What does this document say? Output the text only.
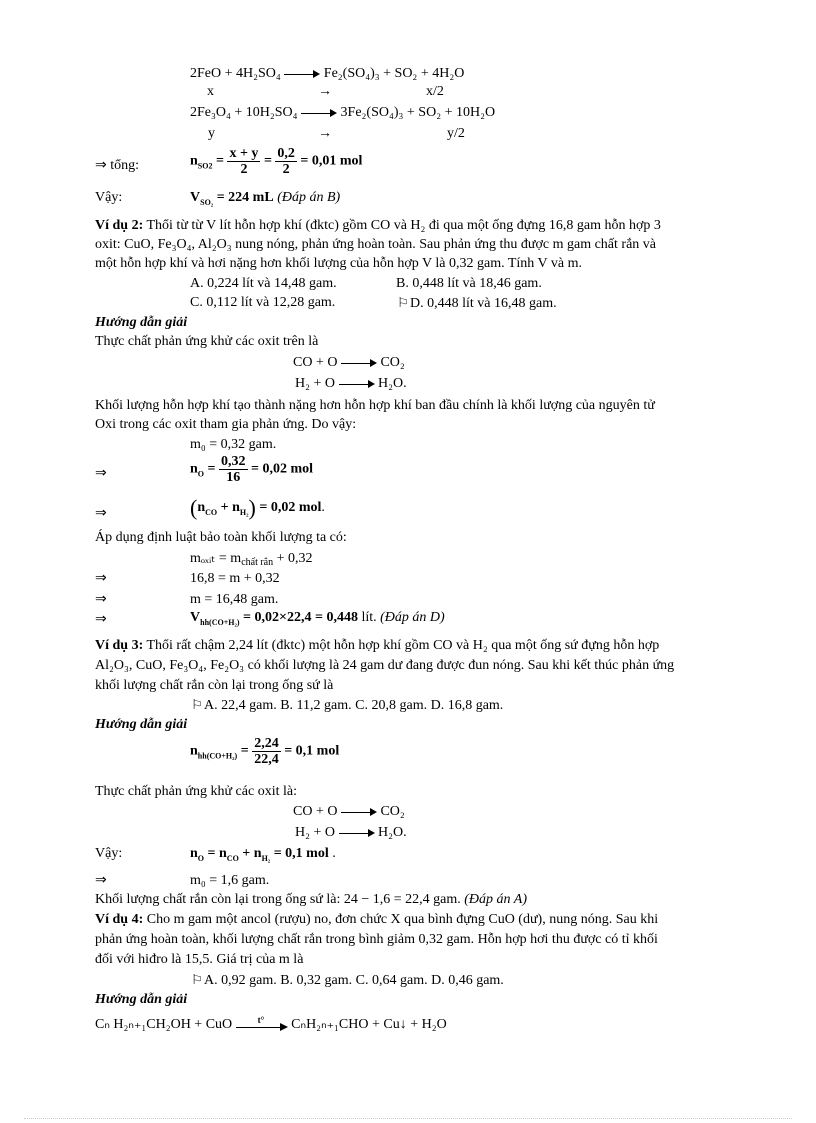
2FeO + 4H₂SO₄	Fe₂(SO₄)₃ + SO₂ + 4H₂O
x	→	x/2
2Fe₃O₄ + 10H₂SO₄	3Fe₂(SO₄)₃ + SO₂ + 10H₂O
y	→	y/2
⇒ tổng:	$n_{SO2} = \frac{x + y}{2} = \frac{0,2}{2} = 0,01$ mol
Vậy:	$V_{SO_2} = 224$ mL (Đáp án B)
Ví dụ 2: Thổi từ từ V lít hỗn hợp khí (đktc) gồm CO và H₂ đi qua một ống đựng 16,8 gam hỗn hợp 3
oxit: CuO, Fe₃O₄, Al₂O₃ nung nóng, phản ứng hoàn toàn. Sau phản ứng thu được m gam chất rắn và
một hỗn hợp khí và hơi nặng hơn khối lượng của hỗn hợp V là 0,32 gam. Tính V và m.
A. 0,224 lít và 14,48 gam.	B. 0,448 lít và 18,46 gam.
C. 0,112 lít và 12,28 gam.	⚐D. 0,448 lít và 16,48 gam.
Hướng dẫn giải
Thực chất phản ứng khử các oxit trên là
CO + O	CO₂
H₂ + O	H₂O.
Khối lượng hỗn hợp khí tạo thành nặng hơn hỗn hợp khí ban đầu chính là khối lượng của nguyên tử
Oxi trong các oxit tham gia phản ứng. Do vậy:
m₀ = 0,32 gam.
⇒	$n_O = \frac{0,32}{16} = 0,02$ mol
⇒	$(n_{CO} + n_{H_2}) = 0,02$ mol.
Áp dụng định luật bảo toàn khối lượng ta có:
mₒₓᵢₜ = $m_{chất rắn} + 0,32$
⇒	16,8 = m + 0,32
⇒	m = 16,48 gam.
⇒	$V_{hh(CO+H_2)} = 0,02\times 22,4 = 0,448$ lít. (Đáp án D)
Ví dụ 3: Thổi rất chậm 2,24 lít (đktc) một hỗn hợp khí gồm CO và H₂ qua một ống sứ đựng hỗn hợp
Al₂O₃, CuO, Fe₃O₄, Fe₂O₃ có khối lượng là 24 gam dư đang được đun nóng. Sau khi kết thúc phản ứng
khối lượng chất rắn còn lại trong ống sứ là
⚐A. 22,4 gam. B. 11,2 gam. C. 20,8 gam. D. 16,8 gam.
Hướng dẫn giải
$n_{hh(CO+H_2)} = \frac{2,24}{22,4} = 0,1$ mol
Thực chất phản ứng khử các oxit là:
CO + O	CO₂
H₂ + O	H₂O.
Vậy:	$n_O = n_{CO} + n_{H_2} = 0,1$ mol .
⇒	m₀ = 1,6 gam.
Khối lượng chất rắn còn lại trong ống sứ là: 24 − 1,6 = 22,4 gam. (Đáp án A)
Ví dụ 4: Cho m gam một ancol (rượu) no, đơn chức X qua bình đựng CuO (dư), nung nóng. Sau khi
phản ứng hoàn toàn, khối lượng chất rắn trong bình giảm 0,32 gam. Hỗn hợp hơi thu được có tỉ khối
đối với hiđro là 15,5. Giá trị của m là
⚐A. 0,92 gam. B. 0,32 gam. C. 0,64 gam. D. 0,46 gam.
Hướng dẫn giải
Cₙ H₂ₙ₊₁CH₂OH + CuO	t° CₙH₂ₙ₊₁CHO + Cu↓ + H₂O
